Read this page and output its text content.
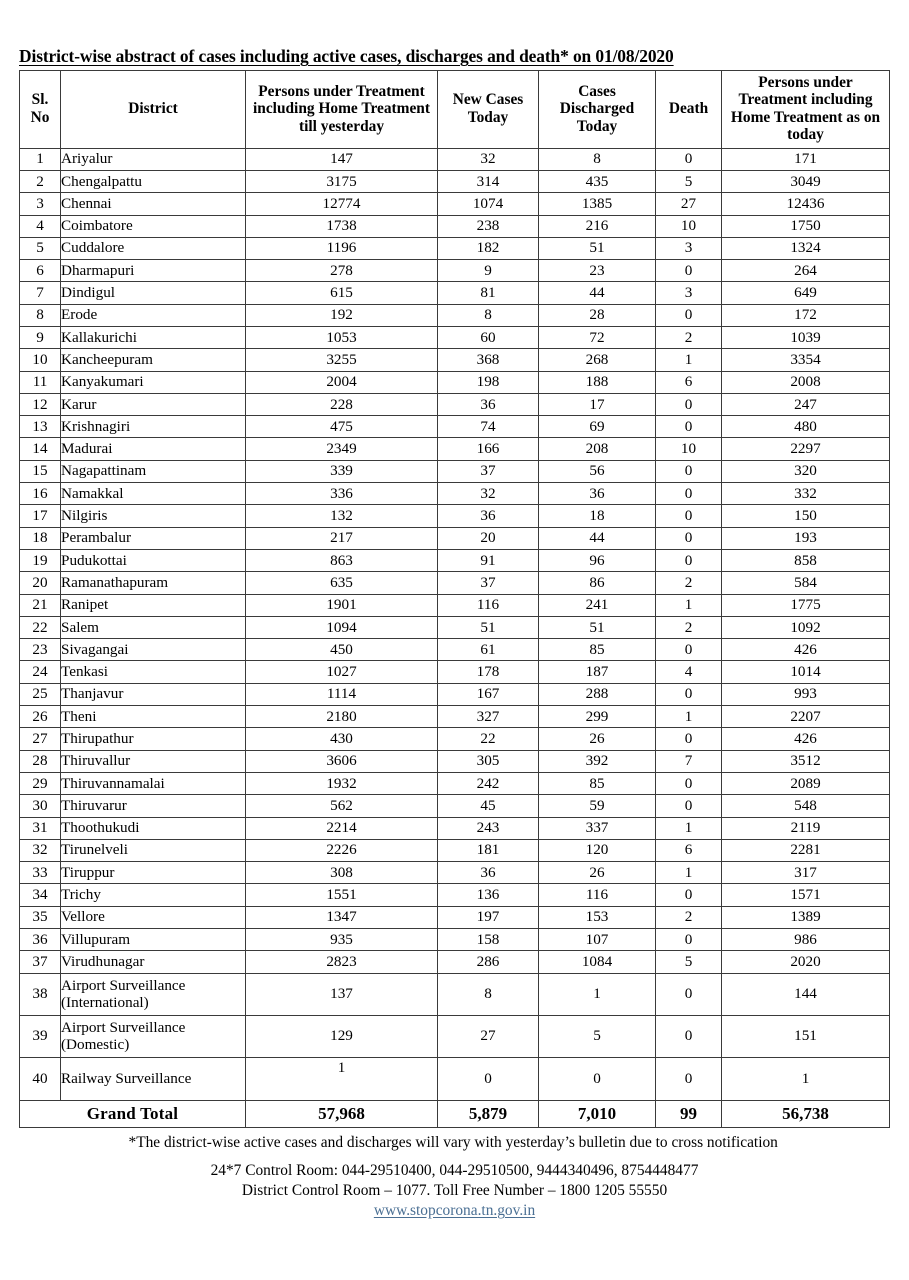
District-wise abstract of cases including active cases, discharges and death* on 01/08/2020
Sl. No	District	Persons under Treatment including Home Treatment till yesterday	New Cases Today	Cases Discharged Today	Death	Persons under Treatment including Home Treatment as on today
1	Ariyalur	147	32	8	0	171
2	Chengalpattu	3175	314	435	5	3049
3	Chennai	12774	1074	1385	27	12436
4	Coimbatore	1738	238	216	10	1750
5	Cuddalore	1196	182	51	3	1324
6	Dharmapuri	278	9	23	0	264
7	Dindigul	615	81	44	3	649
8	Erode	192	8	28	0	172
9	Kallakurichi	1053	60	72	2	1039
10	Kancheepuram	3255	368	268	1	3354
11	Kanyakumari	2004	198	188	6	2008
12	Karur	228	36	17	0	247
13	Krishnagiri	475	74	69	0	480
14	Madurai	2349	166	208	10	2297
15	Nagapattinam	339	37	56	0	320
16	Namakkal	336	32	36	0	332
17	Nilgiris	132	36	18	0	150
18	Perambalur	217	20	44	0	193
19	Pudukottai	863	91	96	0	858
20	Ramanathapuram	635	37	86	2	584
21	Ranipet	1901	116	241	1	1775
22	Salem	1094	51	51	2	1092
23	Sivagangai	450	61	85	0	426
24	Tenkasi	1027	178	187	4	1014
25	Thanjavur	1114	167	288	0	993
26	Theni	2180	327	299	1	2207
27	Thirupathur	430	22	26	0	426
28	Thiruvallur	3606	305	392	7	3512
29	Thiruvannamalai	1932	242	85	0	2089
30	Thiruvarur	562	45	59	0	548
31	Thoothukudi	2214	243	337	1	2119
32	Tirunelveli	2226	181	120	6	2281
33	Tiruppur	308	36	26	1	317
34	Trichy	1551	136	116	0	1571
35	Vellore	1347	197	153	2	1389
36	Villupuram	935	158	107	0	986
37	Virudhunagar	2823	286	1084	5	2020
38	Airport Surveillance (International)	137	8	1	0	144
39	Airport Surveillance (Domestic)	129	27	5	0	151
40	Railway Surveillance	1	0	0	0	1
Grand Total		57,968	5,879	7,010	99	56,738
*The district-wise active cases and discharges will vary with yesterday’s bulletin due to cross notification
24*7 Control Room: 044-29510400, 044-29510500, 9444340496, 8754448477
District Control Room – 1077. Toll Free Number – 1800 1205 55550
www.stopcorona.tn.gov.in
